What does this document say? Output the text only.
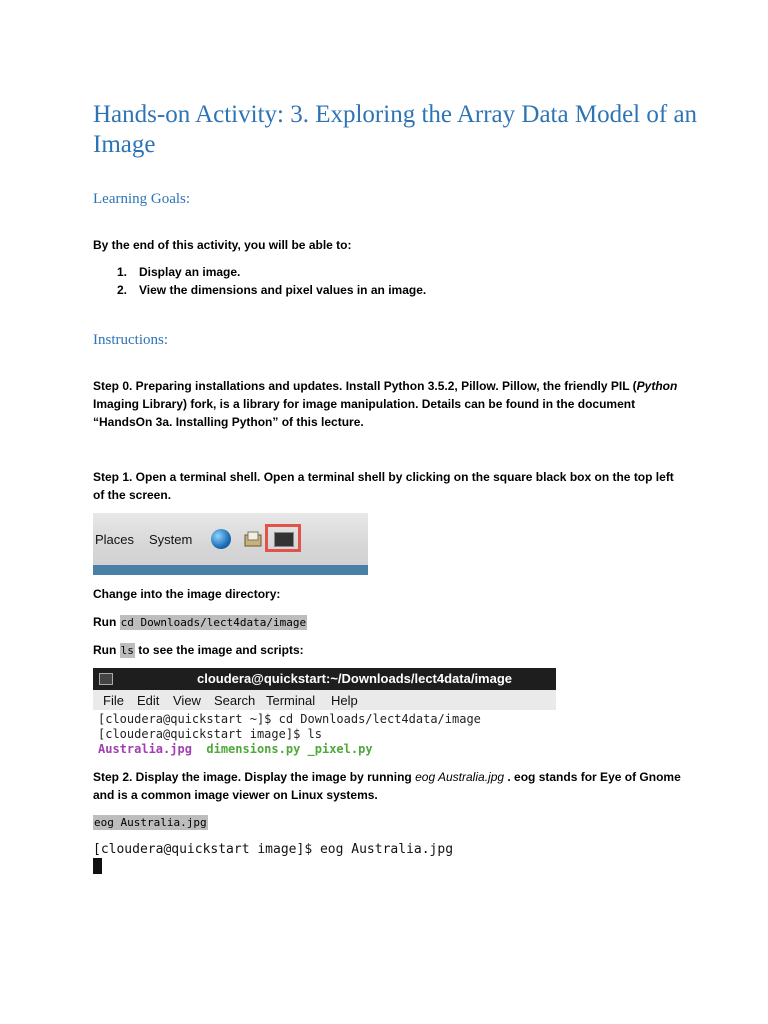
Hands-on Activity: 3. Exploring the Array Data Model of an Image
Learning Goals:

By the end of this activity, you will be able to:

1. Display an image.
2. View the dimensions and pixel values in an image.
Instructions:

Step 0. Preparing installations and updates. Install Python 3.5.2, Pillow. Pillow, the friendly PIL (Python Imaging Library) fork, is a library for image manipulation. Details can be found in the document “HandsOn 3a. Installing Python” of this lecture.

Step 1. Open a terminal shell. Open a terminal shell by clicking on the square black box on the top left of the screen.

Places System

Change into the image directory:

Run cd Downloads/lect4data/image

Run ls to see the image and scripts:

cloudera@quickstart:~/Downloads/lect4data/image
File Edit View Search Terminal Help
[cloudera@quickstart ~]$ cd Downloads/lect4data/image
[cloudera@quickstart image]$ ls
Australia.jpg dimensions.py _pixel.py

Step 2. Display the image. Display the image by running eog Australia.jpg . eog stands for Eye of Gnome and is a common image viewer on Linux systems.

eog Australia.jpg

[cloudera@quickstart image]$ eog Australia.jpg
